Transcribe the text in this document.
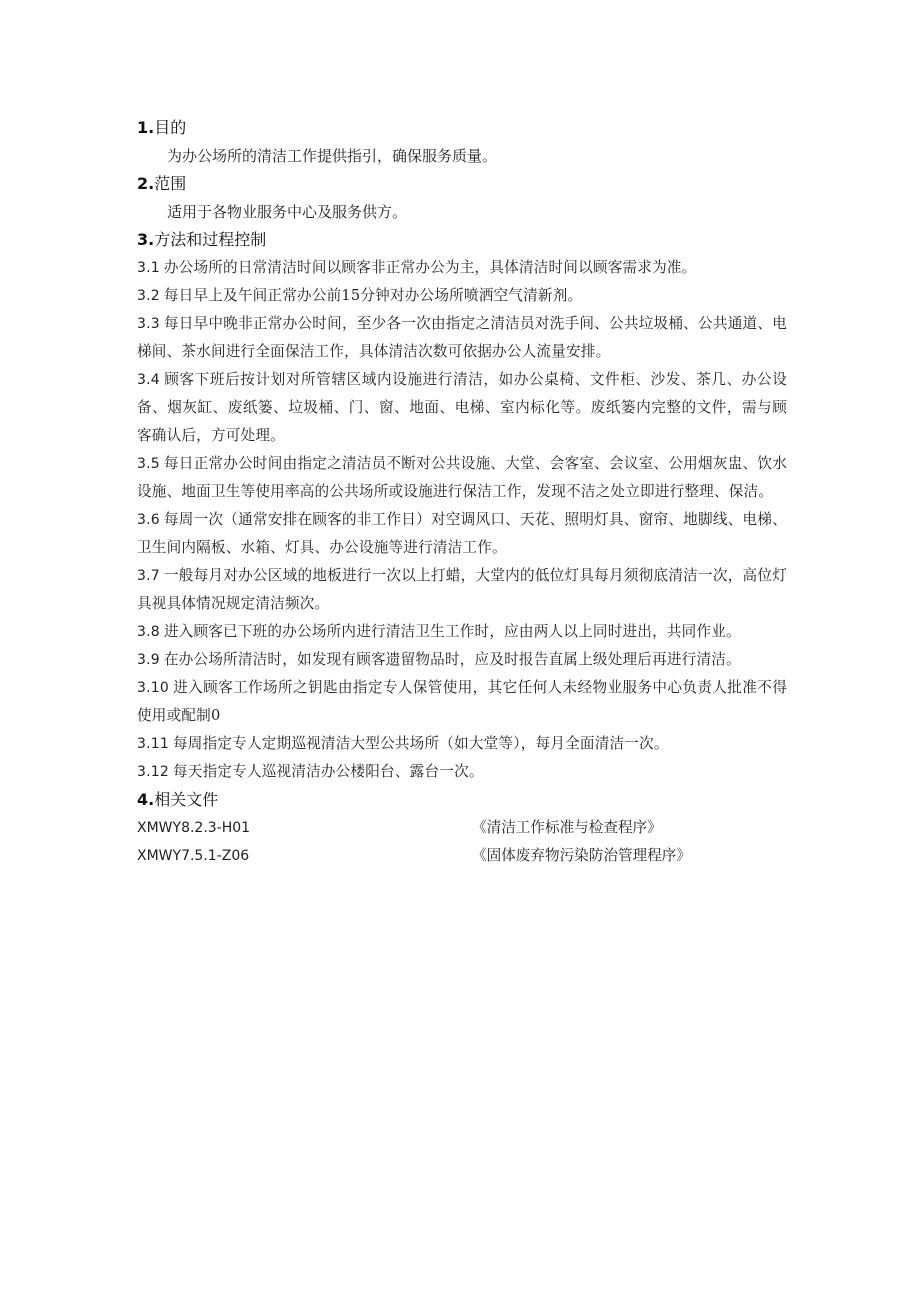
1.目的

为办公场所的清洁工作提供指引，确保服务质量。

2.范围

适用于各物业服务中心及服务供方。

3.方法和过程控制

3.1 办公场所的日常清洁时间以顾客非正常办公为主，具体清洁时间以顾客需求为准。

3.2 每日早上及午间正常办公前15分钟对办公场所喷洒空气清新剂。

3.3 每日早中晚非正常办公时间，至少各一次由指定之清洁员对洗手间、公共垃圾桶、公共通道、电梯间、茶水间进行全面保洁工作，具体清洁次数可依据办公人流量安排。

3.4 顾客下班后按计划对所管辖区域内设施进行清洁，如办公桌椅、文件柜、沙发、茶几、办公设备、烟灰缸、废纸篓、垃圾桶、门、窗、地面、电梯、室内标化等。废纸篓内完整的文件，需与顾客确认后，方可处理。

3.5 每日正常办公时间由指定之清洁员不断对公共设施、大堂、会客室、会议室、公用烟灰盅、饮水设施、地面卫生等使用率高的公共场所或设施进行保洁工作，发现不洁之处立即进行整理、保洁。

3.6 每周一次（通常安排在顾客的非工作日）对空调风口、天花、照明灯具、窗帘、地脚线、电梯、卫生间内隔板、水箱、灯具、办公设施等进行清洁工作。

3.7 一般每月对办公区域的地板进行一次以上打蜡，大堂内的低位灯具每月须彻底清洁一次，高位灯具视具体情况规定清洁频次。

3.8 进入顾客已下班的办公场所内进行清洁卫生工作时，应由两人以上同时进出，共同作业。

3.9 在办公场所清洁时，如发现有顾客遗留物品时，应及时报告直属上级处理后再进行清洁。

3.10 进入顾客工作场所之钥匙由指定专人保管使用，其它任何人未经物业服务中心负责人批准不得使用或配制0

3.11 每周指定专人定期巡视清洁大型公共场所（如大堂等），每月全面清洁一次。

3.12 每天指定专人巡视清洁办公楼阳台、露台一次。

4.相关文件
XMWY8.2.3-H01	《清洁工作标准与检查程序》
XMWY7.5.1-Z06	《固体废弃物污染防治管理程序》
